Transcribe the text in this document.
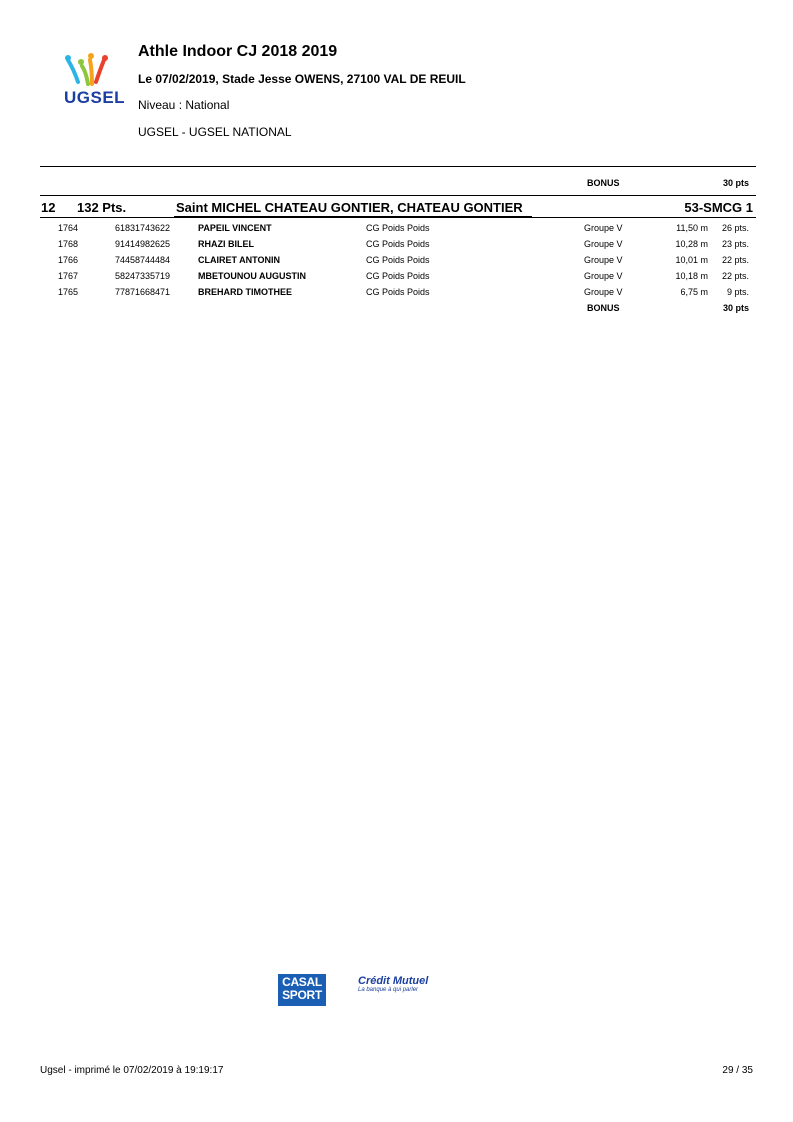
UGSEL
Athle Indoor CJ 2018 2019
Le 07/02/2019, Stade Jesse OWENS, 27100 VAL DE REUIL
Niveau : National
UGSEL - UGSEL NATIONAL
BONUS	30 pts
12 132 Pts.	Saint MICHEL CHATEAU GONTIER, CHATEAU GONTIER	53-SMCG 1
1764	61831743622	PAPEIL VINCENT	CG Poids Poids	Groupe V	11,50 m	26 pts.
1768	91414982625	RHAZI BILEL	CG Poids Poids	Groupe V	10,28 m	23 pts.
1766	74458744484	CLAIRET ANTONIN	CG Poids Poids	Groupe V	10,01 m	22 pts.
1767	58247335719	MBETOUNOU AUGUSTIN	CG Poids Poids	Groupe V	10,18 m	22 pts.
1765	77871668471	BREHARD TIMOTHEE	CG Poids Poids	Groupe V	6,75 m	9 pts.
BONUS	30 pts
CASAL
SPORT
Crédit Mutuel
La banque à qui parler
Ugsel - imprimé le 07/02/2019 à 19:19:17	29 / 35
